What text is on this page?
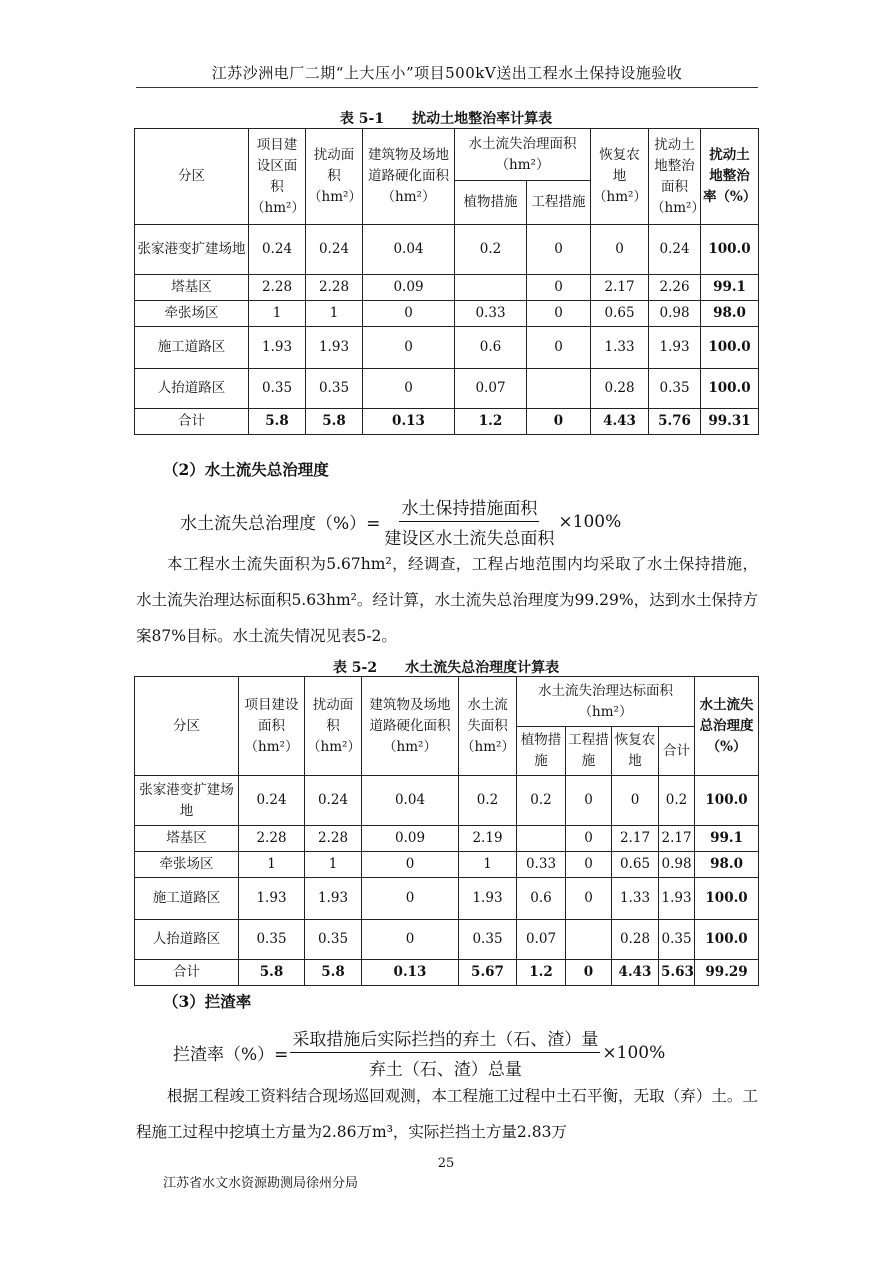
江苏沙洲电厂二期“上大压小”项目500kV送出工程水土保持设施验收
表 5-1　　扰动土地整治率计算表
分区	项目建设区面积（hm²）	扰动面积（hm²）	建筑物及场地道路硬化面积（hm²）	水土流失治理面积（hm²）		恢复农地（hm²）	扰动土地整治面积（hm²）	扰动土地整治率（%）
				植物措施	工程措施			
张家港变扩建场地	0.24	0.24	0.04	0.2	0	0	0.24	100.0
塔基区	2.28	2.28	0.09		0	2.17	2.26	99.1
牵张场区	1	1	0	0.33	0	0.65	0.98	98.0
施工道路区	1.93	1.93	0	0.6	0	1.33	1.93	100.0
人抬道路区	0.35	0.35	0	0.07		0.28	0.35	100.0
合计	5.8	5.8	0.13	1.2	0	4.43	5.76	99.31
（2）水土流失总治理度
水土流失总治理度（%）= $\frac{\text{水土保持措施面积}}{\text{建设区水土流失总面积}} \times 100\%$

本工程水土流失面积为5.67hm²，经调查，工程占地范围内均采取了水土保持措施，水土流失治理达标面积5.63hm²。经计算，水土流失总治理度为99.29%，达到水土保持方案87%目标。水土流失情况见表5-2。

表 5-2　　水土流失总治理度计算表
分区	项目建设面积（hm²）	扰动面积（hm²）	建筑物及场地道路硬化面积（hm²）	水土流失面积（hm²）	水土流失治理达标面积（hm²）				水土流失总治理度（%）
					植物措施	工程措施	恢复农地	合计	
张家港变扩建场地	0.24	0.24	0.04	0.2	0.2	0	0	0.2	100.0
塔基区	2.28	2.28	0.09	2.19		0	2.17	2.17	99.1
牵张场区	1	1	0	1	0.33	0	0.65	0.98	98.0
施工道路区	1.93	1.93	0	1.93	0.6	0	1.33	1.93	100.0
人抬道路区	0.35	0.35	0	0.35	0.07		0.28	0.35	100.0
合计	5.8	5.8	0.13	5.67	1.2	0	4.43	5.63	99.29
（3）拦渣率
拦渣率（%）= $\frac{\text{采取措施后实际拦挡的弃土（石、渣）量}}{\text{弃土（石、渣）总量}} \times 100\%$

根据工程竣工资料结合现场巡回观测，本工程施工过程中土石平衡，无取（弃）土。工程施工过程中挖填土方量为2.86万m³，实际拦挡土方量2.83万

25
江苏省水文水资源勘测局徐州分局
